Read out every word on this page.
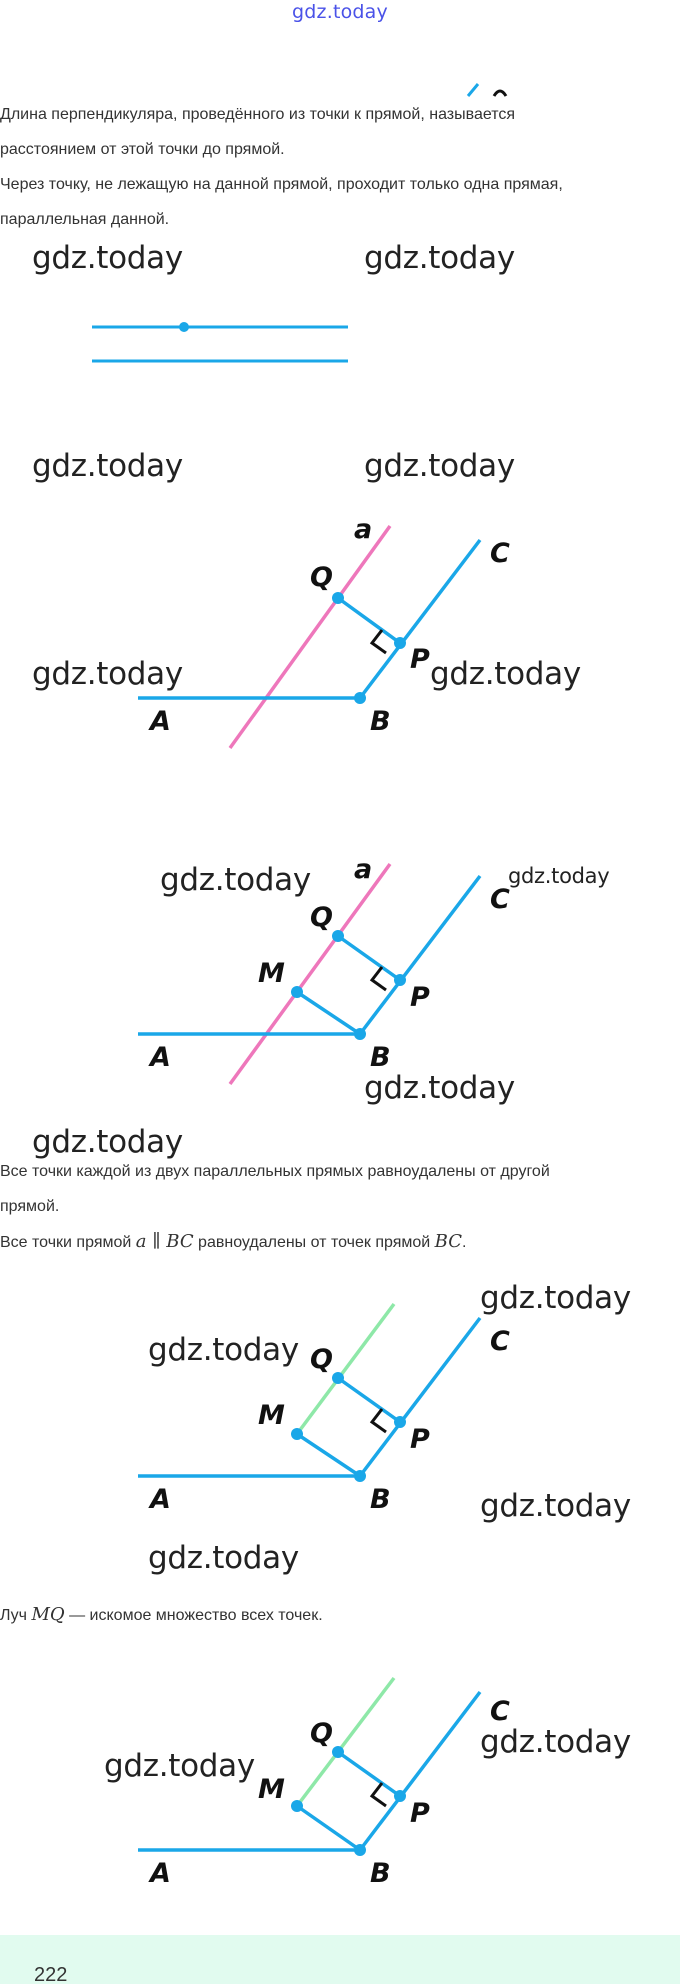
gdz.today
Длина перпендикуляра, проведённого из точки к прямой, называется
расстоянием от этой точки до прямой.
Через точку, не лежащую на данной прямой, проходит только одна прямая,
параллельная данной.
gdz.today	gdz.today
gdz.today	gdz.today
a
Q
C
P
A	B
gdz.today	gdz.today
a
Q
C
P
M
A	B
gdz.today	gdz.today
gdz.today
gdz.today
Все точки каждой из двух параллельных прямых равноудалены от другой
прямой.
Все точки прямой a ∥ BC равноудалены от точек прямой BC.
Q
C
P
M
A	B
gdz.today
gdz.today
gdz.today
gdz.today
Луч MQ — искомое множество всех точек.
Q
C
P
M
A	B
gdz.today
gdz.today
222
